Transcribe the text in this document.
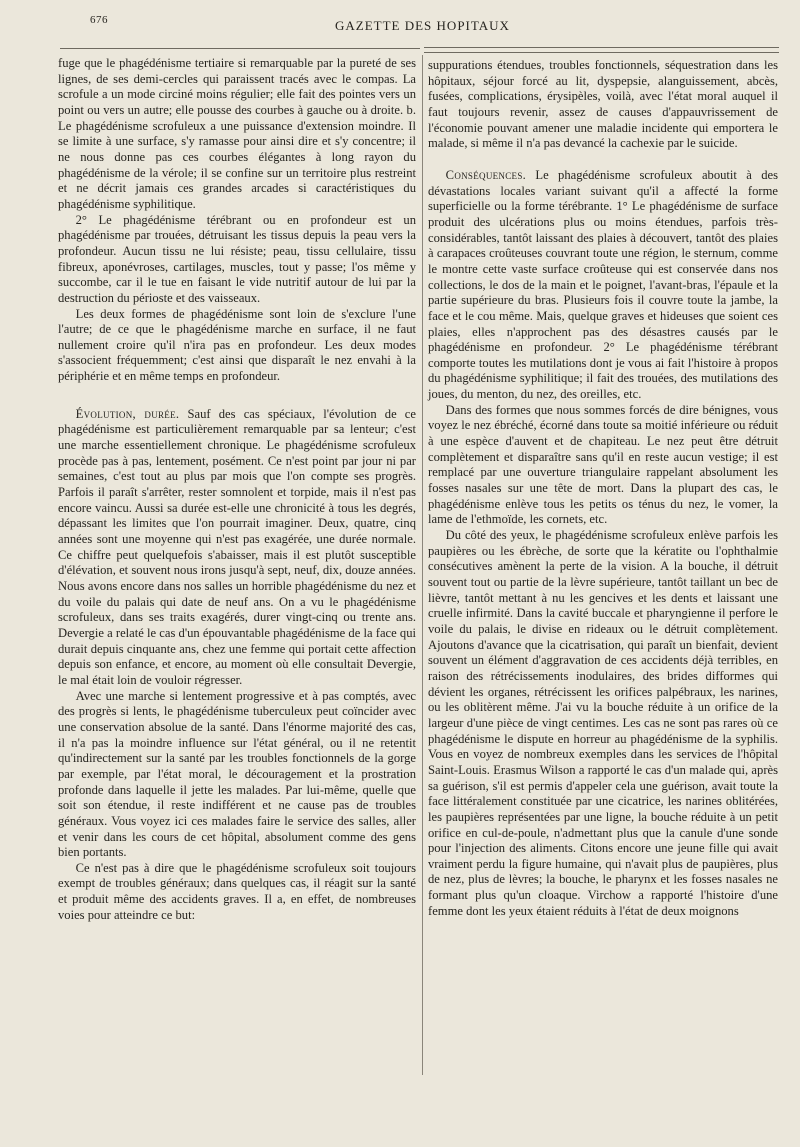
676	GAZETTE DES HOPITAUX

fuge que le phagédénisme tertiaire si remarquable par la pureté de ses lignes, de ses demi-cercles qui paraissent tracés avec le compas. La scrofule a un mode circiné moins régulier; elle fait des pointes vers un point ou vers un autre; elle pousse des courbes à gauche ou à droite. b. Le phagédénisme scrofuleux a une puissance d'extension moindre. Il se limite à une surface, s'y ramasse pour ainsi dire et s'y concentre; il ne nous donne pas ces courbes élégantes à long rayon du phagédénisme de la vérole; il se confine sur un territoire plus restreint et ne décrit jamais ces grandes arcades si caractéristiques du phagédénisme syphilitique.

2° Le phagédénisme térébrant ou en profondeur est un phagédénisme par trouées, détruisant les tissus depuis la peau vers la profondeur. Aucun tissu ne lui résiste; peau, tissu cellulaire, tissu fibreux, aponévroses, cartilages, muscles, tout y passe; l'os même y succombe, car il le tue en faisant le vide nutritif autour de lui par la destruction du périoste et des vaisseaux.

Les deux formes de phagédénisme sont loin de s'exclure l'une l'autre; de ce que le phagédénisme marche en surface, il ne faut nullement croire qu'il n'ira pas en profondeur. Les deux modes s'associent fréquemment; c'est ainsi que disparaît le nez envahi à la périphérie et en même temps en profondeur.

Évolution, durée. Sauf des cas spéciaux, l'évolution de ce phagédénisme est particulièrement remarquable par sa lenteur; c'est une marche essentiellement chronique. Le phagédénisme scrofuleux procède pas à pas, lentement, posément. Ce n'est point par jour ni par semaines, c'est tout au plus par mois que l'on compte ses progrès. Parfois il paraît s'arrêter, rester somnolent et torpide, mais il n'est pas encore vaincu. Aussi sa durée est-elle une chronicité à tous les degrés, dépassant les limites que l'on pourrait imaginer. Deux, quatre, cinq années sont une moyenne qui n'est pas exagérée, une durée normale. Ce chiffre peut quelquefois s'abaisser, mais il est plutôt susceptible d'élévation, et souvent nous irons jusqu'à sept, neuf, dix, douze années. Nous avons encore dans nos salles un horrible phagédénisme du nez et du voile du palais qui date de neuf ans. On a vu le phagédénisme scrofuleux, dans ses traits exagérés, durer vingt-cinq ou trente ans. Devergie a relaté le cas d'un épouvantable phagédénisme de la face qui durait depuis cinquante ans, chez une femme qui portait cette affection depuis son enfance, et encore, au moment où elle consultait Devergie, le mal était loin de vouloir régresser.

Avec une marche si lentement progressive et à pas comptés, avec des progrès si lents, le phagédénisme tuberculeux peut coïncider avec une conservation absolue de la santé. Dans l'énorme majorité des cas, il n'a pas la moindre influence sur l'état général, ou il ne retentit qu'indirectement sur la santé par les troubles fonctionnels de la gorge par exemple, par l'état moral, le découragement et la prostration profonde dans laquelle il jette les malades. Par lui-même, quelle que soit son étendue, il reste indifférent et ne cause pas de troubles généraux. Vous voyez ici ces malades faire le service des salles, aller et venir dans les cours de cet hôpital, absolument comme des gens bien portants.

Ce n'est pas à dire que le phagédénisme scrofuleux soit toujours exempt de troubles généraux; dans quelques cas, il réagit sur la santé et produit même des accidents graves. Il a, en effet, de nombreuses voies pour atteindre ce but:

suppurations étendues, troubles fonctionnels, séquestration dans les hôpitaux, séjour forcé au lit, dyspepsie, alanguissement, abcès, fusées, complications, érysipèles, voilà, avec l'état moral auquel il faut toujours revenir, assez de causes d'appauvrissement de l'économie pouvant amener une maladie incidente qui emportera le malade, si même il n'a pas devancé la cachexie par le suicide.

Conséquences. Le phagédénisme scrofuleux aboutit à des dévastations locales variant suivant qu'il a affecté la forme superficielle ou la forme térébrante. 1° Le phagédénisme de surface produit des ulcérations plus ou moins étendues, parfois très-considérables, tantôt laissant des plaies à découvert, tantôt des plaies à carapaces croûteuses couvrant toute une région, le sternum, comme le montre cette vaste surface croûteuse qui est conservée dans nos collections, le dos de la main et le poignet, l'avant-bras, l'épaule et la partie supérieure du bras. Plusieurs fois il couvre toute la jambe, la face et le cou même. Mais, quelque graves et hideuses que soient ces plaies, elles n'approchent pas des désastres causés par le phagédénisme en profondeur. 2° Le phagédénisme térébrant comporte toutes les mutilations dont je vous ai fait l'histoire à propos du phagédénisme syphilitique; il fait des trouées, des mutilations des joues, du menton, du nez, des oreilles, etc.

Dans des formes que nous sommes forcés de dire bénignes, vous voyez le nez ébréché, écorné dans toute sa moitié inférieure ou réduit à une espèce d'auvent et de chapiteau. Le nez peut être détruit complètement et disparaître sans qu'il en reste aucun vestige; il est remplacé par une ouverture triangulaire rappelant absolument les fosses nasales sur une tête de mort. Dans la plupart des cas, le phagédénisme enlève tous les petits os ténus du nez, le vomer, la lame de l'ethmoïde, les cornets, etc.

Du côté des yeux, le phagédénisme scrofuleux enlève parfois les paupières ou les ébrèche, de sorte que la kératite ou l'ophthalmie consécutives amènent la perte de la vision. A la bouche, il détruit souvent tout ou partie de la lèvre supérieure, tantôt taillant un bec de lièvre, tantôt mettant à nu les gencives et les dents et laissant une cruelle infirmité. Dans la cavité buccale et pharyngienne il perfore le voile du palais, le divise en rideaux ou le détruit complètement. Ajoutons d'avance que la cicatrisation, qui paraît un bienfait, devient souvent un élément d'aggravation de ces accidents déjà terribles, en raison des rétrécissements inodulaires, des brides difformes qui dévient les organes, rétrécissent les orifices palpébraux, les narines, ou les oblitèrent même. J'ai vu la bouche réduite à un orifice de la largeur d'une pièce de vingt centimes. Les cas ne sont pas rares où ce phagédénisme le dispute en horreur au phagédénisme de la syphilis. Vous en voyez de nombreux exemples dans les services de l'hôpital Saint-Louis. Erasmus Wilson a rapporté le cas d'un malade qui, après sa guérison, s'il est permis d'appeler cela une guérison, avait toute la face littéralement constituée par une cicatrice, les narines oblitérées, les paupières représentées par une ligne, la bouche réduite à un petit orifice en cul-de-poule, n'admettant plus que la canule d'une sonde pour l'injection des aliments. Citons encore une jeune fille qui avait vraiment perdu la figure humaine, qui n'avait plus de paupières, plus de nez, plus de lèvres; la bouche, le pharynx et les fosses nasales ne formant plus qu'un cloaque. Virchow a rapporté l'histoire d'une femme dont les yeux étaient réduits à l'état de deux moignons
